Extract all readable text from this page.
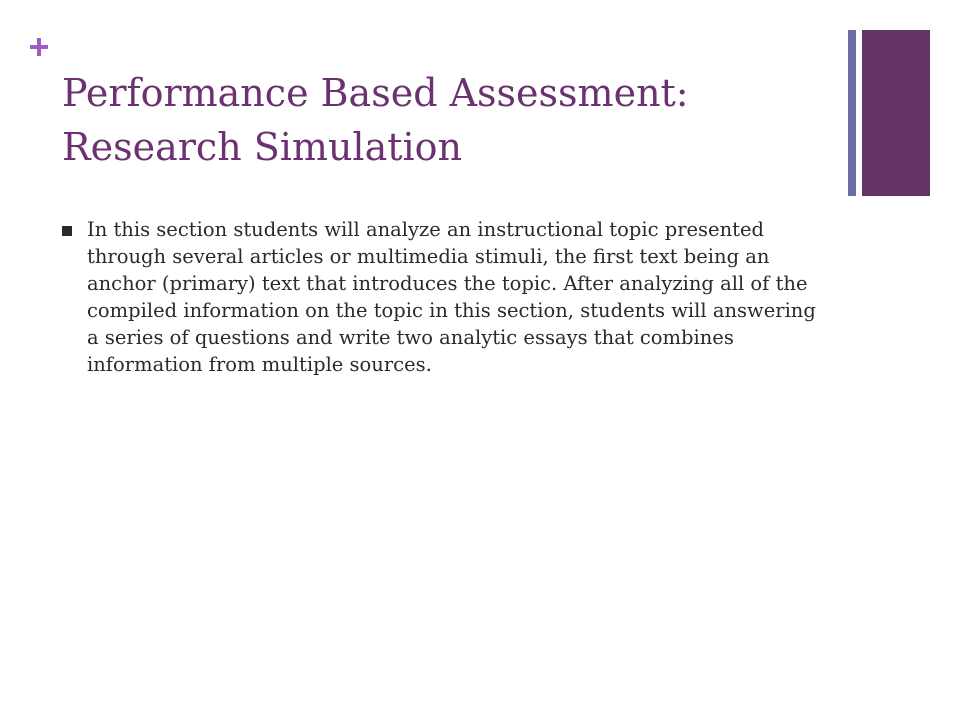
Performance Based Assessment: Research Simulation
In this section students will analyze an instructional topic presented through several articles or multimedia stimuli, the first text being an anchor (primary) text that introduces the topic. After analyzing all of the compiled information on the topic in this section, students will answering a series of questions and write two analytic essays that combines information from multiple sources.
